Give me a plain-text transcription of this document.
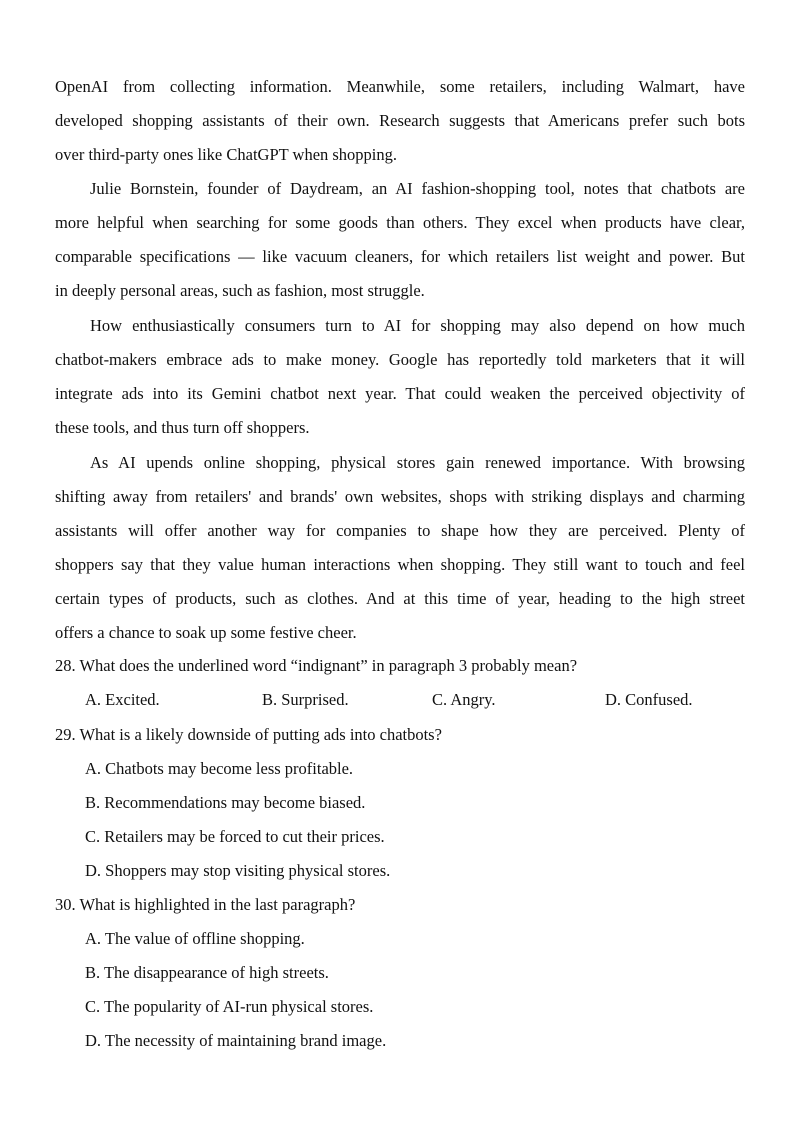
OpenAI from collecting information. Meanwhile, some retailers, including Walmart, have
developed shopping assistants of their own. Research suggests that Americans prefer such bots
over third-party ones like ChatGPT when shopping.
Julie Bornstein, founder of Daydream, an AI fashion-shopping tool, notes that chatbots are
more helpful when searching for some goods than others. They excel when products have clear,
comparable specifications — like vacuum cleaners, for which retailers list weight and power. But
in deeply personal areas, such as fashion, most struggle.
How enthusiastically consumers turn to AI for shopping may also depend on how much
chatbot-makers embrace ads to make money. Google has reportedly told marketers that it will
integrate ads into its Gemini chatbot next year. That could weaken the perceived objectivity of
these tools, and thus turn off shoppers.
As AI upends online shopping, physical stores gain renewed importance. With browsing
shifting away from retailers' and brands' own websites, shops with striking displays and charming
assistants will offer another way for companies to shape how they are perceived. Plenty of
shoppers say that they value human interactions when shopping. They still want to touch and feel
certain types of products, such as clothes. And at this time of year, heading to the high street
offers a chance to soak up some festive cheer.

28. What does the underlined word “indignant” in paragraph 3 probably mean?

A. Excited.	B. Surprised.	C. Angry.	D. Confused.

29. What is a likely downside of putting ads into chatbots?

A. Chatbots may become less profitable.

B. Recommendations may become biased.

C. Retailers may be forced to cut their prices.

D. Shoppers may stop visiting physical stores.

30. What is highlighted in the last paragraph?

A. The value of offline shopping.

B. The disappearance of high streets.

C. The popularity of AI-run physical stores.

D. The necessity of maintaining brand image.
